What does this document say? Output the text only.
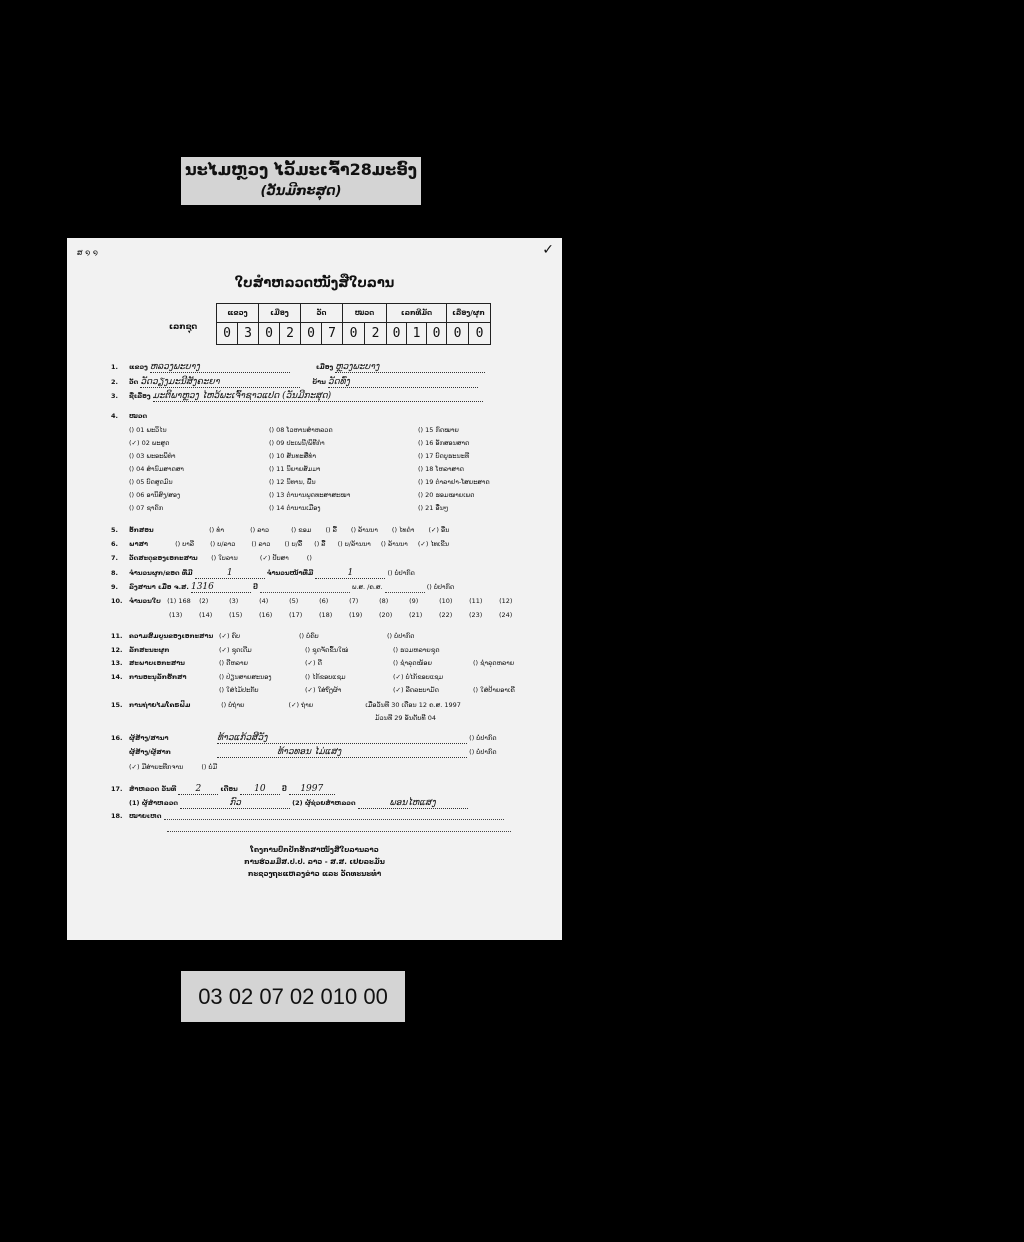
ນະໄມຫຼວງ ໄວັ້ມະເຈົ້າ28ມະອົງ
(ວັນມີກະສຸດ)
ສ ໑ ໑	✓
ໃບສຳຫລວດໜັງສືໃບລານ
ເລກຊຸດ
ແຂວງ		ເມືອງ		ວັດ		ໝວດ		ເລກທີມັດ			ເລື່ອງ/ຜູກ	
0	3	0	2	0	7	0	2	0	1	0	0	0
1. ແຂວງ ຫລວງພະບາງ	ເມືອງ ຫຼວງພະບາງ
2. ວັດ ວັດວຽງມະນີສັງຄະຍາ	ບ້ານ ວັດທົ່ງ
3. ຊື່ເລື່ອງ ມະຕິພາຫຼວງ ໄຫວ້ພະເຈົ້າຊາວແປດ (ວັນມີກະສຸດ)
4. ໝວດ
() 01 ພະວິໄນ	() 08 ໂວຫານສຳຫລວດ	() 15 ກົດໝາຍ
(✓) 02 ພະສູດ	() 09 ປະເພນີ/ພິທີກຳ	() 16 ອັກສອນສາດ
() 03 ພະອະພິທຳ	() 10 ສັນທະສື່ທຳ	() 17 ບົດບູຮະນະທີ
() 04 ສຳນົມສາດສາ	() 11 ນິຍາຍສັມມາ	() 18 ໂຫລາສາດ
() 05 ບົດສູດມົນ	() 12 ນິທານ, ພື້ນ	() 19 ຕຳລາຢາ-ໂສຍະສາດ
() 06 ອານິສົງ/ສອງ	() 13 ຕຳນານພຸດທະສາສະໜາ	() 20 ຮອມໝາຍເພດ
() 07 ຊາດົກ	() 14 ຕຳນານເມືອງ	() 21 ອື່ນໆ
5. ອັກສອນ	() ທຳ	() ລາວ	() ຂອມ () ລື້ () ລ້ານນາ () ໄທດຳ (✓) ອື່ນ
6. ພາສາ	() ບາລີ () ບ/ລາວ () ລາວ () ບ/ລື້ () ລື້ () ບ/ລ້ານນາ () ລ້ານນາ (✓) ໄທເຂີນ
7. ວັດສະດຸຂອງເອກະສານ () ໃບລານ	(✓) ປັບສາ	()
8. ຈຳນວນຜູກ/ຂອດ ທີ່ມີ	1	ຈຳນວນໜ້າທີ່ມີ	1	() ບໍ່ປາກົດ
9. ລົງສານາ ເມື່ອ ຈ.ສ. 1316	ປີ	ພ.ສ. /ຄ.ສ.	() ບໍ່ປາກົດ
10. ຈຳນວນໃບ (1) 168 (2)	(3)	(4)	(5)	(6)	(7)	(8)	(9)	(10)	(11)	(12)
(13)	(14)	(15)	(16)	(17)	(18)	(19)	(20)	(21)	(22)	(23)	(24)
11. ຄວາມສົມບູນຂອງເອກະສານ (✓) ຄົບ	() ບໍ່ຄົບ	() ບໍ່ປາກົດ
12. ລັກສະນະຜູກ	(✓) ຊຸດເດີມ	() ຊຸດຈັດຂຶ້ນໃໝ່	() ຮວມຫລາຍຊຸດ
13. ສະພາບເອກະສານ	() ດີຫລາຍ	(✓) ດີ	() ຊຳລຸດໜ້ອຍ	() ຊຳລຸດຫລາຍ
14. ການອະນຸລັກຮັກສາ	() ປ່ຽນສາຍສະນອງ	() ໄກ້ຂອບແຊມ	(✓) ບໍ່ໄກ້ຂອບແຊມ
() ໃສ່ໄມ້ປະກັບ	(✓) ໃສ່ຖົງຜ້າ	(✓) ລີດລະບາມັດ	() ໃສ່ປ້າຍອາເຄີ
15. ການຖ່າຍໄມໂຄຣຟິມ	() ບໍ່ຖ່າຍ	(✓) ຖ່າຍ	ເມື່ອວັນທີ 30 ເດືອນ 12 ຄ.ສ. 1997
ມ້ວນທີ 29 ອັນດັບທີ 04
16. ຜູ້ສ້າງ/ສານາ	ທ້າວແກ້ວສີວັງ	() ບໍ່ປາກົດ
ຜູ້ສ້າງ/ຜູ້ສາກ	ທ້າວທອນ ໄມ່ແສງ	() ບໍ່ປາກົດ
(✓) ມີສ່າຍະທີກຈານ	() ບໍ່ມີ
17. ສຳຫລວດ ວັນທີ 2	ເດືອນ 10	ປີ 1997
(1) ຜູ້ສຳຫລວດ	ກົວ	(2) ຜູ້ຊ່ວຍສຳຫລວດ	ພອນໄຫແສງ
18. ໝາຍເຫດ
ໂຄງການປົກປັກຮັກສາໜັງສືໃບລານລາວ
ການຮ່ວມມືສ.ປ.ປ. ລາວ - ສ.ສ. ເຢຍລະມັນ
ກະຊວງຖະແຫລງຂ່າວ ແລະ ວັດທະນະທຳ
03 02 07 02 010 00
